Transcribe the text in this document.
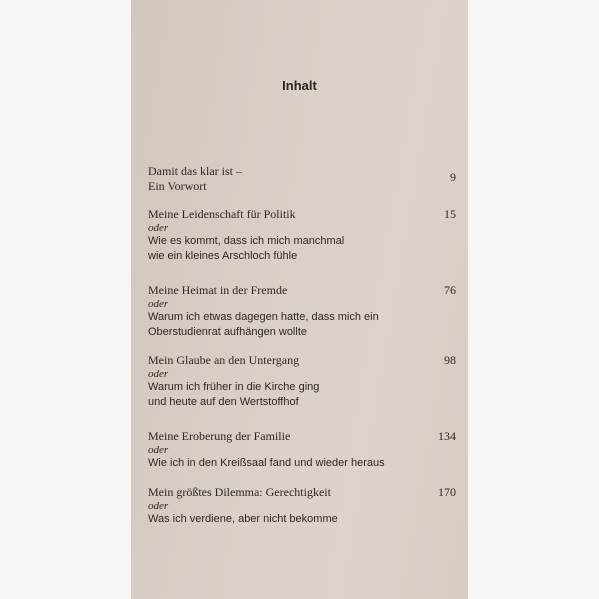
Inhalt
Damit das klar ist –
Ein Vorwort
9
Meine Leidenschaft für Politik
oder
Wie es kommt, dass ich mich manchmal
wie ein kleines Arschloch fühle
15
Meine Heimat in der Fremde
oder
Warum ich etwas dagegen hatte, dass mich ein
Oberstudienrat aufhängen wollte
76
Mein Glaube an den Untergang
oder
Warum ich früher in die Kirche ging
und heute auf den Wertstoffhof
98
Meine Eroberung der Familie
oder
Wie ich in den Kreißsaal fand und wieder heraus
134
Mein größtes Dilemma: Gerechtigkeit
oder
Was ich verdiene, aber nicht bekomme
170
